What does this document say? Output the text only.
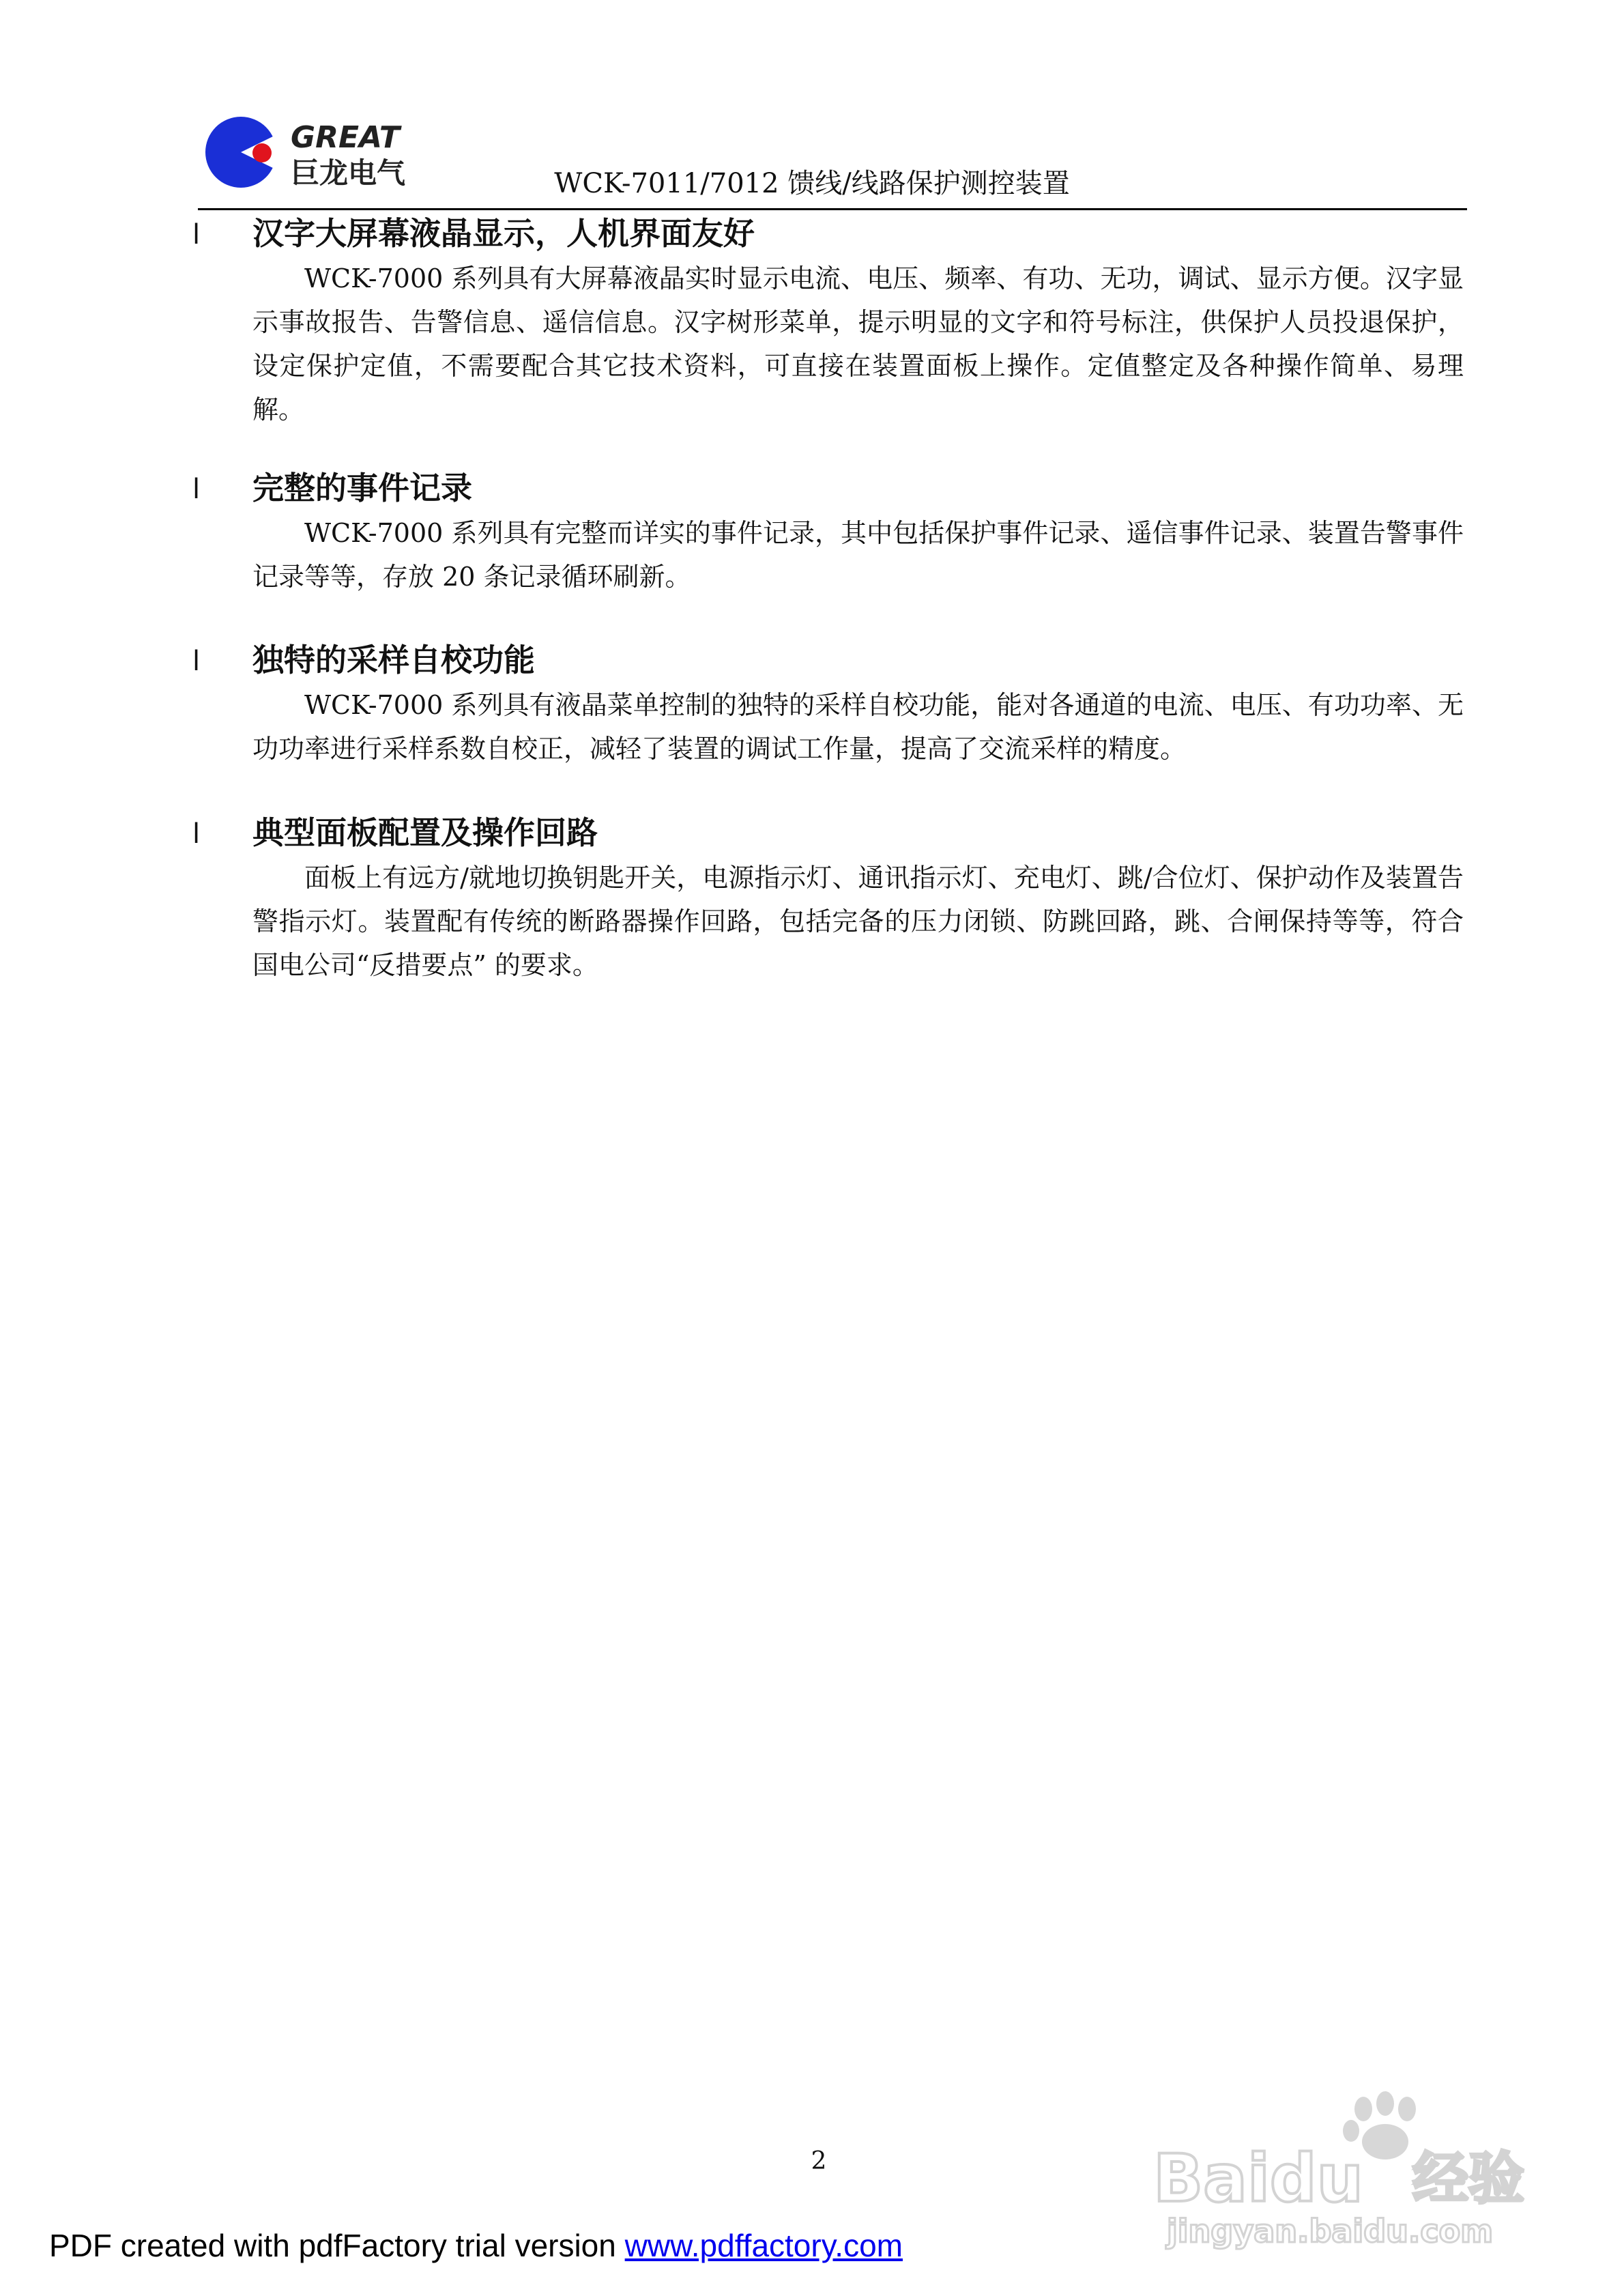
GREAT
巨龙电气	WCK-7011/7012 馈线/线路保护测控装置
l 汉字大屏幕液晶显示，人机界面友好
WCK-7000 系列具有大屏幕液晶实时显示电流、电压、频率、有功、无功，调试、显示方便。汉字显示事故报告、告警信息、遥信信息。汉字树形菜单，提示明显的文字和符号标注，供保护人员投退保护，设定保护定值，不需要配合其它技术资料，可直接在装置面板上操作。定值整定及各种操作简单、易理解。
l 完整的事件记录
WCK-7000 系列具有完整而详实的事件记录，其中包括保护事件记录、遥信事件记录、装置告警事件记录等等，存放 20 条记录循环刷新。
l 独特的采样自校功能
WCK-7000 系列具有液晶菜单控制的独特的采样自校功能，能对各通道的电流、电压、有功功率、无功功率进行采样系数自校正，减轻了装置的调试工作量，提高了交流采样的精度。
l 典型面板配置及操作回路
面板上有远方/就地切换钥匙开关，电源指示灯、通讯指示灯、充电灯、跳/合位灯、保护动作及装置告警指示灯。装置配有传统的断路器操作回路，包括完备的压力闭锁、防跳回路，跳、合闸保持等等，符合国电公司“反措要点” 的要求。
2	Baidu 经验
jingyan.baidu.com
PDF created with pdfFactory trial version www.pdffactory.com
